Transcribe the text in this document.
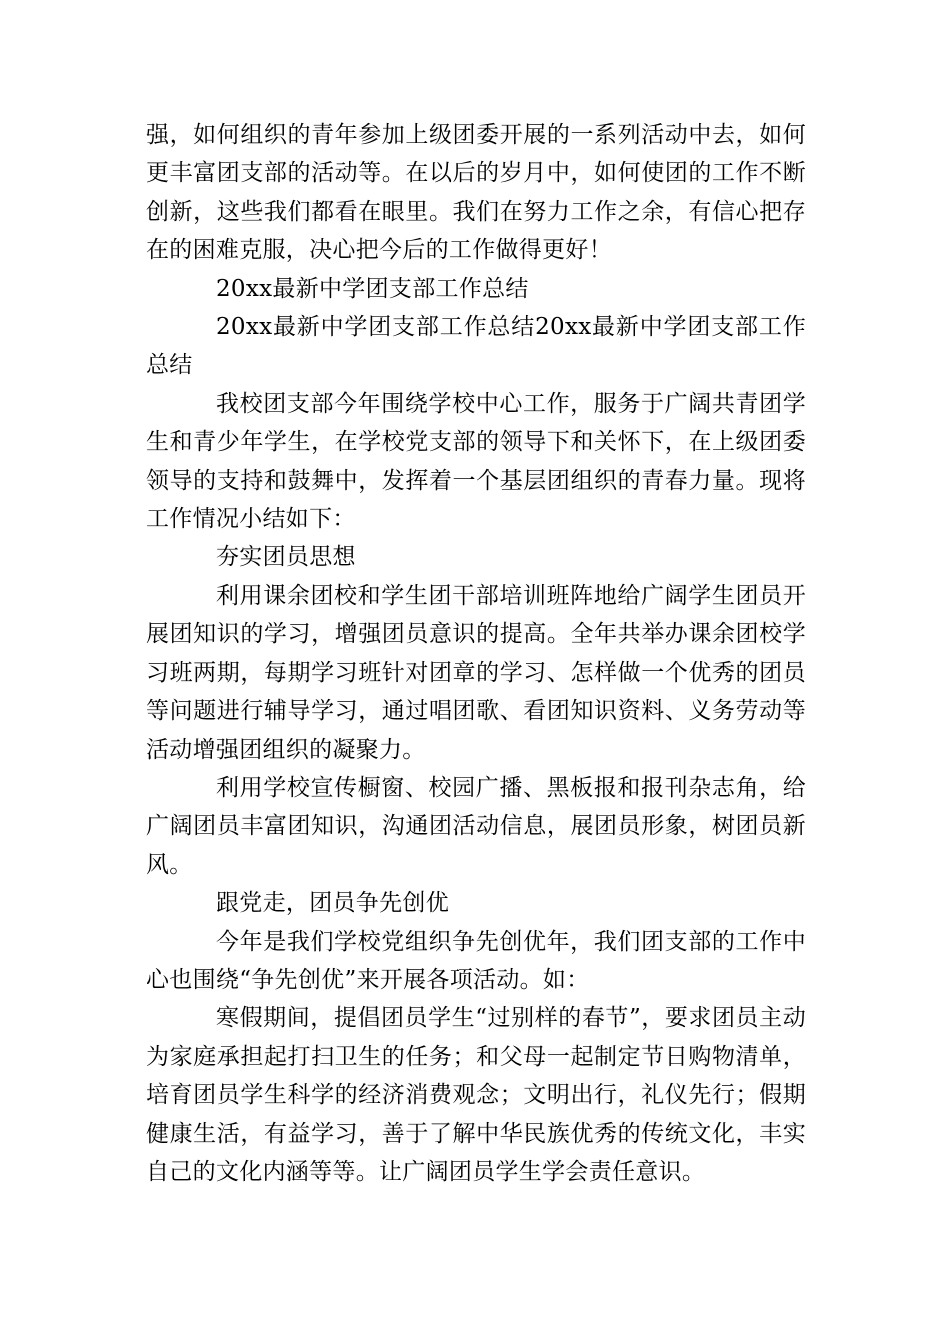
强，如何组织的青年参加上级团委开展的一系列活动中去，如何更丰富团支部的活动等。在以后的岁月中，如何使团的工作不断创新，这些我们都看在眼里。我们在努力工作之余，有信心把存在的困难克服，决心把今后的工作做得更好！

20xx最新中学团支部工作总结

20xx最新中学团支部工作总结20xx最新中学团支部工作总结

我校团支部今年围绕学校中心工作，服务于广阔共青团学生和青少年学生，在学校党支部的领导下和关怀下，在上级团委领导的支持和鼓舞中，发挥着一个基层团组织的青春力量。现将工作情况小结如下：

夯实团员思想

利用课余团校和学生团干部培训班阵地给广阔学生团员开展团知识的学习，增强团员意识的提高。全年共举办课余团校学习班两期，每期学习班针对团章的学习、怎样做一个优秀的团员等问题进行辅导学习，通过唱团歌、看团知识资料、义务劳动等活动增强团组织的凝聚力。

利用学校宣传橱窗、校园广播、黑板报和报刊杂志角，给广阔团员丰富团知识，沟通团活动信息，展团员形象，树团员新风。

跟党走，团员争先创优

今年是我们学校党组织争先创优年，我们团支部的工作中心也围绕“争先创优”来开展各项活动。如：

寒假期间，提倡团员学生“过别样的春节”，要求团员主动为家庭承担起打扫卫生的任务；和父母一起制定节日购物清单，培育团员学生科学的经济消费观念；文明出行，礼仪先行；假期健康生活，有益学习，善于了解中华民族优秀的传统文化，丰实自己的文化内涵等等。让广阔团员学生学会责任意识。
